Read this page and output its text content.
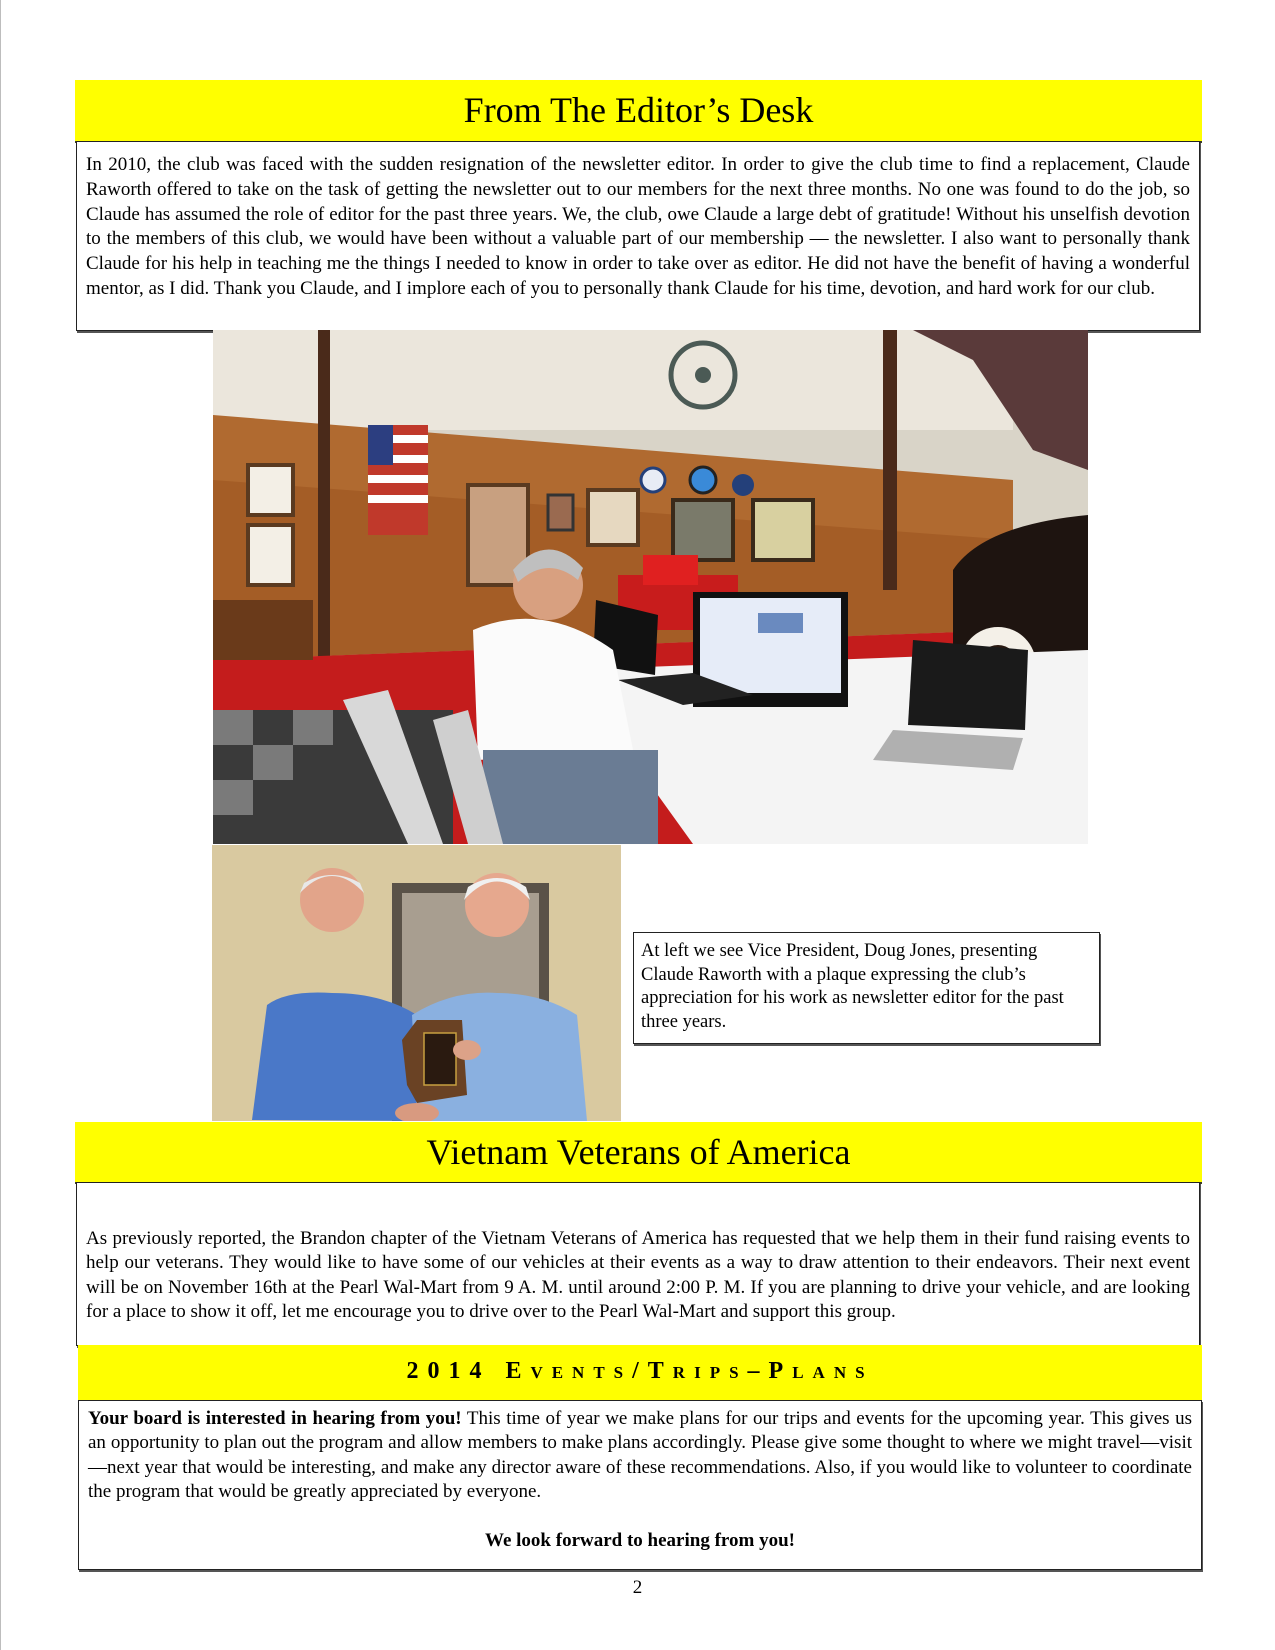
From The Editor’s Desk

In 2010, the club was faced with the sudden resignation of the newsletter editor. In order to give the club time to find a replacement, Claude Raworth offered to take on the task of getting the newsletter out to our members for the next three months. No one was found to do the job, so Claude has assumed the role of editor for the past three years. We, the club, owe Claude a large debt of gratitude! Without his unselfish devotion to the members of this club, we would have been without a valuable part of our membership — the newsletter. I also want to personally thank Claude for his help in teaching me the things I needed to know in order to take over as editor. He did not have the benefit of having a wonderful mentor, as I did. Thank you Claude, and I implore each of you to personally thank Claude for his time, devotion, and hard work for our club.

At left we see Vice President, Doug Jones, presenting Claude Raworth with a plaque expressing the club’s appreciation for his work as newsletter editor for the past three years.

Vietnam Veterans of America

As previously reported, the Brandon chapter of the Vietnam Veterans of America has requested that we help them in their fund raising events to help our veterans. They would like to have some of our vehicles at their events as a way to draw attention to their endeavors. Their next event will be on November 16th at the Pearl Wal-Mart from 9 A. M. until around 2:00 P. M. If you are planning to drive your vehicle, and are looking for a place to show it off, let me encourage you to drive over to the Pearl Wal-Mart and support this group.

2014 Events/Trips–Plans

Your board is interested in hearing from you! This time of year we make plans for our trips and events for the upcoming year. This gives us an opportunity to plan out the program and allow members to make plans accordingly. Please give some thought to where we might travel—visit—next year that would be interesting, and make any director aware of these recommendations. Also, if you would like to volunteer to coordinate the program that would be greatly appreciated by everyone.

We look forward to hearing from you!

2
